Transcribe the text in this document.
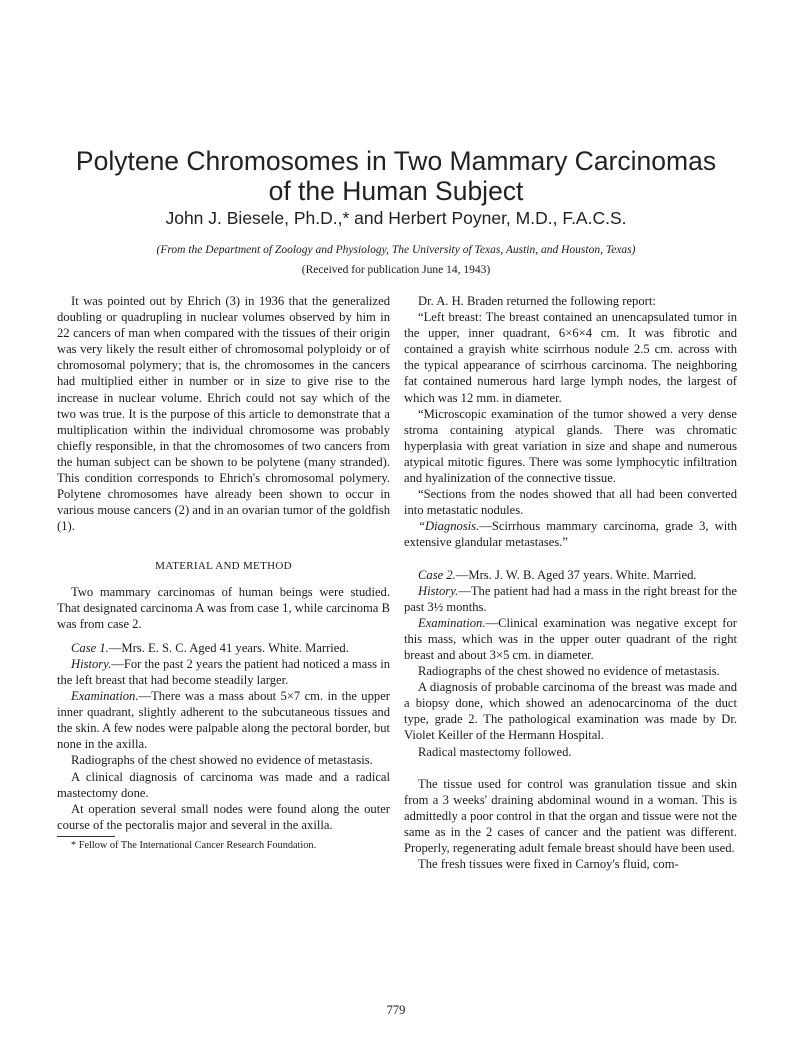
Polytene Chromosomes in Two Mammary Carcinomas
of the Human Subject
John J. Biesele, Ph.D.,* and Herbert Poyner, M.D., F.A.C.S.
(From the Department of Zoology and Physiology, The University of Texas, Austin, and Houston, Texas)
(Received for publication June 14, 1943)

It was pointed out by Ehrich (3) in 1936 that the generalized doubling or quadrupling in nuclear volumes observed by him in 22 cancers of man when compared with the tissues of their origin was very likely the result either of chromosomal polyploidy or of chromosomal polymery; that is, the chromosomes in the cancers had multiplied either in number or in size to give rise to the increase in nuclear volume. Ehrich could not say which of the two was true. It is the purpose of this article to demonstrate that a multiplication within the individual chromosome was probably chiefly responsible, in that the chromosomes of two cancers from the human subject can be shown to be polytene (many stranded). This condition corresponds to Ehrich's chromosomal polymery. Polytene chromosomes have already been shown to occur in various mouse cancers (2) and in an ovarian tumor of the goldfish (1).

MATERIAL AND METHOD

Two mammary carcinomas of human beings were studied. That designated carcinoma A was from case 1, while carcinoma B was from case 2.

Case 1.—Mrs. E. S. C. Aged 41 years. White. Married.

History.—For the past 2 years the patient had noticed a mass in the left breast that had become steadily larger.

Examination.—There was a mass about 5×7 cm. in the upper inner quadrant, slightly adherent to the subcutaneous tissues and the skin. A few nodes were palpable along the pectoral border, but none in the axilla.

Radiographs of the chest showed no evidence of metastasis.

A clinical diagnosis of carcinoma was made and a radical mastectomy done.

At operation several small nodes were found along the outer course of the pectoralis major and several in the axilla.

* Fellow of The International Cancer Research Foundation.

Dr. A. H. Braden returned the following report:

“Left breast: The breast contained an unencapsulated tumor in the upper, inner quadrant, 6×6×4 cm. It was fibrotic and contained a grayish white scirrhous nodule 2.5 cm. across with the typical appearance of scirrhous carcinoma. The neighboring fat contained numerous hard large lymph nodes, the largest of which was 12 mm. in diameter.

“Microscopic examination of the tumor showed a very dense stroma containing atypical glands. There was chromatic hyperplasia with great variation in size and shape and numerous atypical mitotic figures. There was some lymphocytic infiltration and hyalinization of the connective tissue.

“Sections from the nodes showed that all had been converted into metastatic nodules.

“Diagnosis.—Scirrhous mammary carcinoma, grade 3, with extensive glandular metastases.”

Case 2.—Mrs. J. W. B. Aged 37 years. White. Married.

History.—The patient had had a mass in the right breast for the past 3½ months.

Examination.—Clinical examination was negative except for this mass, which was in the upper outer quadrant of the right breast and about 3×5 cm. in diameter.

Radiographs of the chest showed no evidence of metastasis.

A diagnosis of probable carcinoma of the breast was made and a biopsy done, which showed an adenocarcinoma of the duct type, grade 2. The pathological examination was made by Dr. Violet Keiller of the Hermann Hospital.

Radical mastectomy followed.

The tissue used for control was granulation tissue and skin from a 3 weeks' draining abdominal wound in a woman. This is admittedly a poor control in that the organ and tissue were not the same as in the 2 cases of cancer and the patient was different. Properly, regenerating adult female breast should have been used.

The fresh tissues were fixed in Carnoy's fluid, com-

779
